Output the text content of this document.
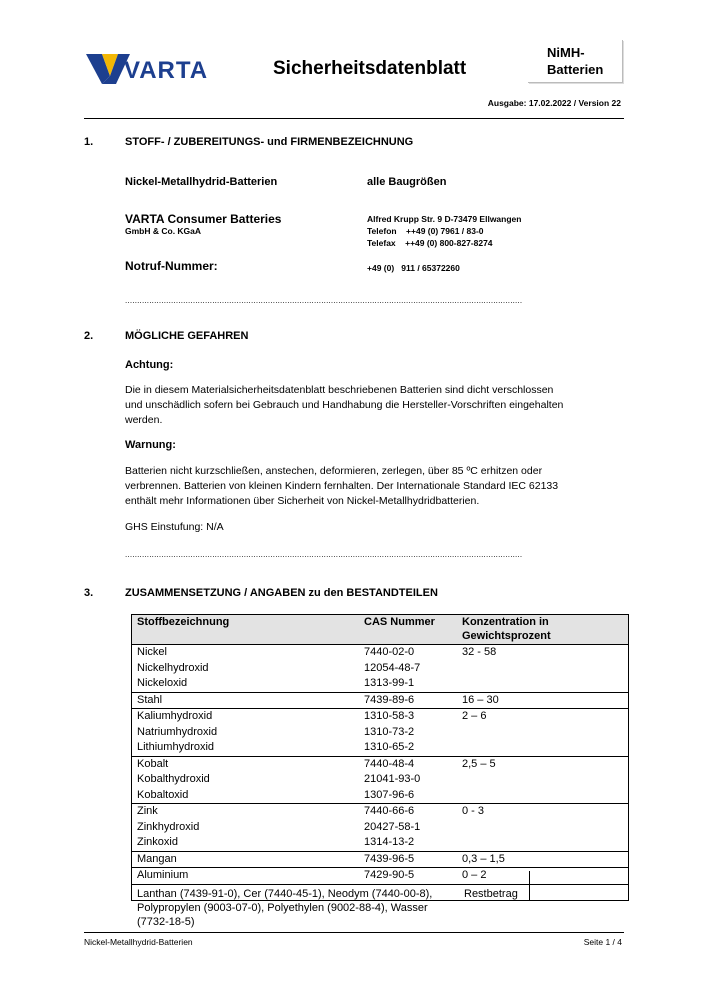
VARTA	Sicherheitsdatenblatt
NiMH-
Batterien
Ausgabe: 17.02.2022 / Version 22
1.	STOFF- / ZUBEREITUNGS- und FIRMENBEZEICHNUNG
Nickel-Metallhydrid-Batterien	alle Baugrößen
VARTA Consumer Batteries
GmbH & Co. KGaA
Alfred Krupp Str. 9 D-73479 Ellwangen
Telefon    ++49 (0) 7961 / 83-0
Telefax    ++49 (0) 800-827-8274
Notruf-Nummer:	+49 (0)   911 / 65372260
....................................................................................................................................................................
2.	MÖGLICHE GEFAHREN
Achtung:
Die in diesem Materialsicherheitsdatenblatt beschriebenen Batterien sind dicht verschlossen
und unschädlich sofern bei Gebrauch und Handhabung die Hersteller-Vorschriften eingehalten
werden.
Warnung:
Batterien nicht kurzschließen, anstechen, deformieren, zerlegen, über 85 ºC erhitzen oder
verbrennen. Batterien von kleinen Kindern fernhalten. Der Internationale Standard IEC 62133
enthält mehr Informationen über Sicherheit von Nickel-Metallhydridbatterien.
GHS Einstufung: N/A
....................................................................................................................................................................
3.	ZUSAMMENSETZUNG / ANGABEN zu den BESTANDTEILEN
Stoffbezeichnung	CAS Nummer	Konzentration in
Gewichtsprozent
Nickel	7440-02-0	32 - 58
Nickelhydroxid	12054-48-7	
Nickeloxid	1313-99-1	
Stahl	7439-89-6	16 – 30
Kaliumhydroxid	1310-58-3	2 – 6
Natriumhydroxid	1310-73-2	
Lithiumhydroxid	1310-65-2	
Kobalt	7440-48-4	2,5 – 5
Kobalthydroxid	21041-93-0	
Kobaltoxid	1307-96-6	
Zink	7440-66-6	0 - 3
Zinkhydroxid	20427-58-1	
Zinkoxid	1314-13-2	
Mangan	7439-96-5	0,3 – 1,5
Aluminium	7429-90-5	0 – 2
Lanthan (7439-91-0), Cer (7440-45-1), Neodym (7440-00-8),
Polypropylen (9003-07-0), Polyethylen (9002-88-4), Wasser (7732-18-5)		Restbetrag
Nickel-Metallhydrid-Batterien	Seite 1 / 4
